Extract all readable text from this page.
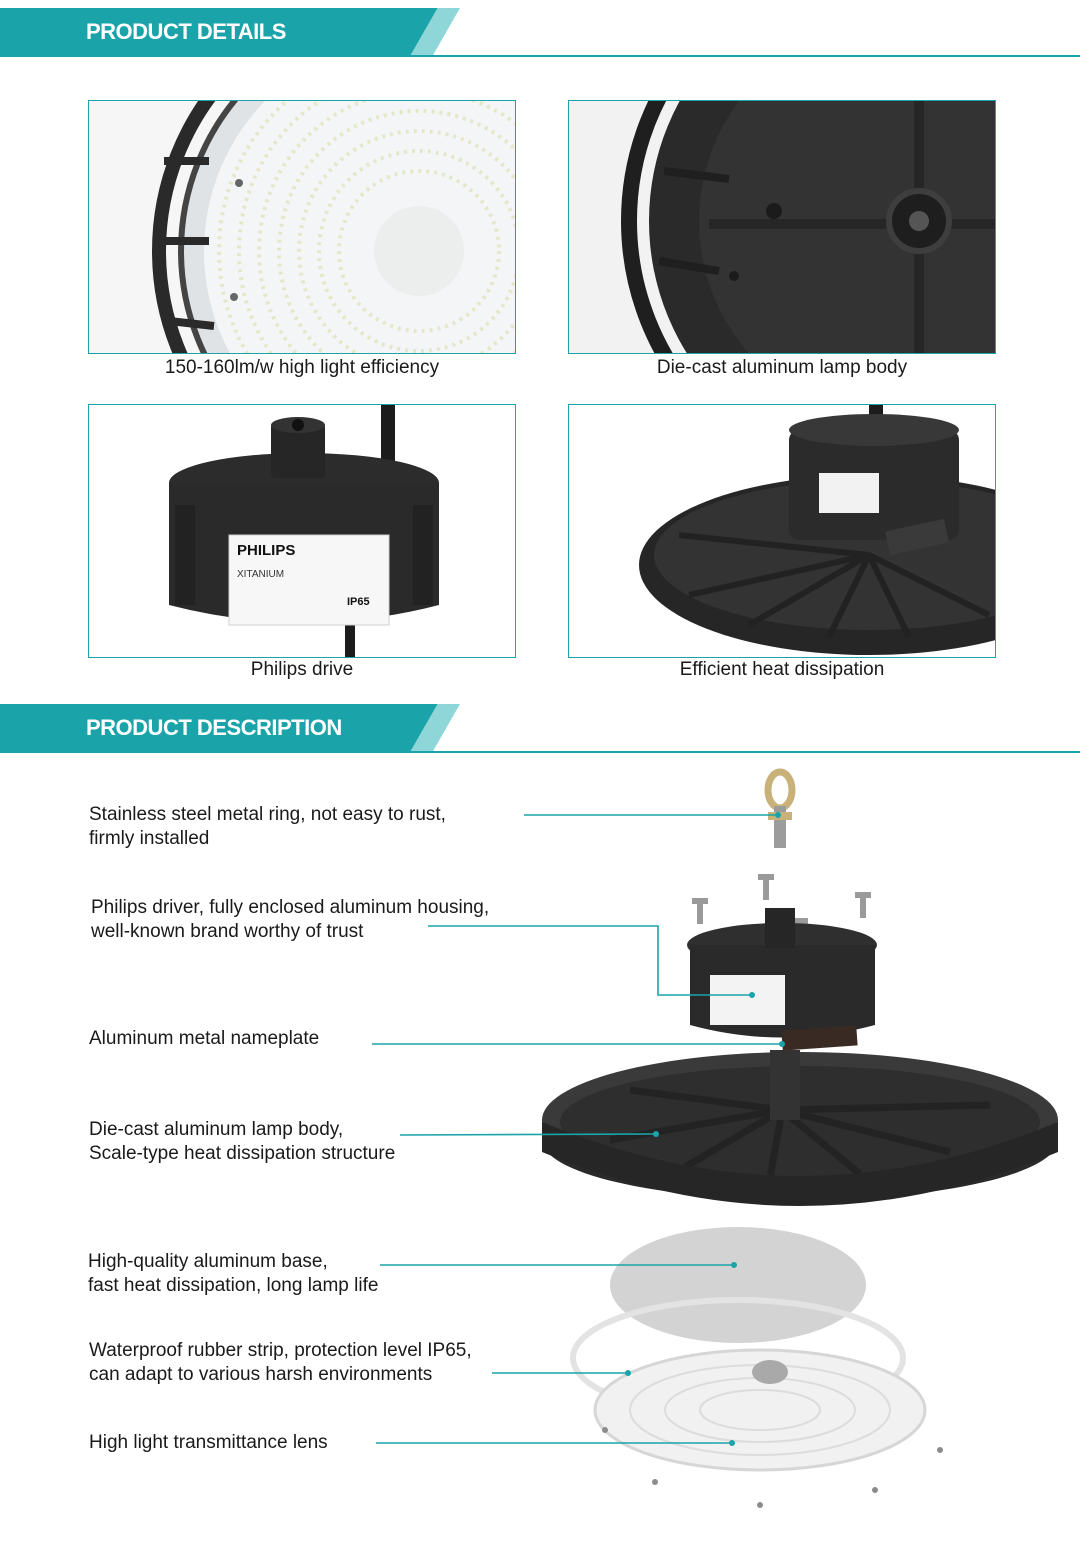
PRODUCT DETAILS
150-160lm/w high light efficiency	Die-cast aluminum lamp body
PHILIPS
XITANIUM
IP65
Philips drive	Efficient heat dissipation
PRODUCT DESCRIPTION
Stainless steel metal ring, not easy to rust,
firmly installed
Philips driver, fully enclosed aluminum housing,
well-known brand worthy of trust
Aluminum metal nameplate
Die-cast aluminum lamp body,
Scale-type heat dissipation structure
High-quality aluminum base,
fast heat dissipation, long lamp life
Waterproof rubber strip, protection level IP65,
can adapt to various harsh environments
High light transmittance lens
